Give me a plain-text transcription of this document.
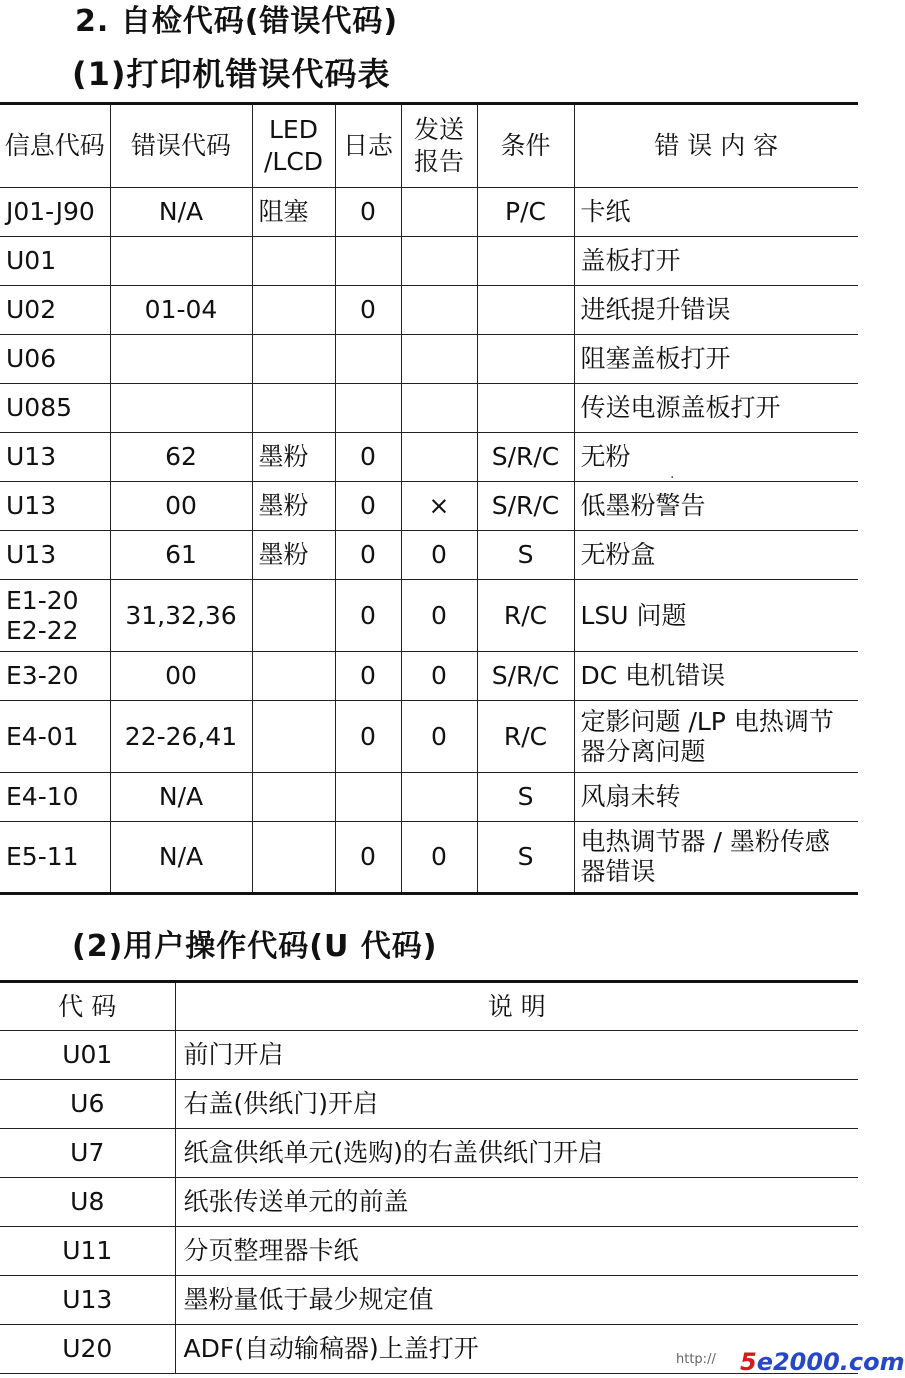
2. 自检代码(错误代码)
(1)打印机错误代码表
信息代码	错误代码	LED /LCD	日志	发送报告	条件	错 误 内 容
J01-J90	N/A	阻塞	0		P/C	卡纸
U01						盖板打开
U02	01-04		0			进纸提升错误
U06						阻塞盖板打开
U085						传送电源盖板打开
U13	62	墨粉	0		S/R/C	无粉
U13	00	墨粉	0	×	S/R/C	低墨粉警告
U13	61	墨粉	0	0	S	无粉盒
E1-20 E2-22	31,32,36		0	0	R/C	LSU 问题
E3-20	00		0	0	S/R/C	DC 电机错误
E4-01	22-26,41		0	0	R/C	定影问题 /LP 电热调节器分离问题
E4-10	N/A				S	风扇未转
E5-11	N/A		0	0	S	电热调节器 / 墨粉传感器错误
·
(2)用户操作代码(U 代码)
代 码	说 明
U01	前门开启
U6	右盖(供纸门)开启
U7	纸盒供纸单元(选购)的右盖供纸门开启
U8	纸张传送单元的前盖
U11	分页整理器卡纸
U13	墨粉量低于最少规定值
U20	ADF(自动输稿器)上盖打开	http:// 5e2000.com
